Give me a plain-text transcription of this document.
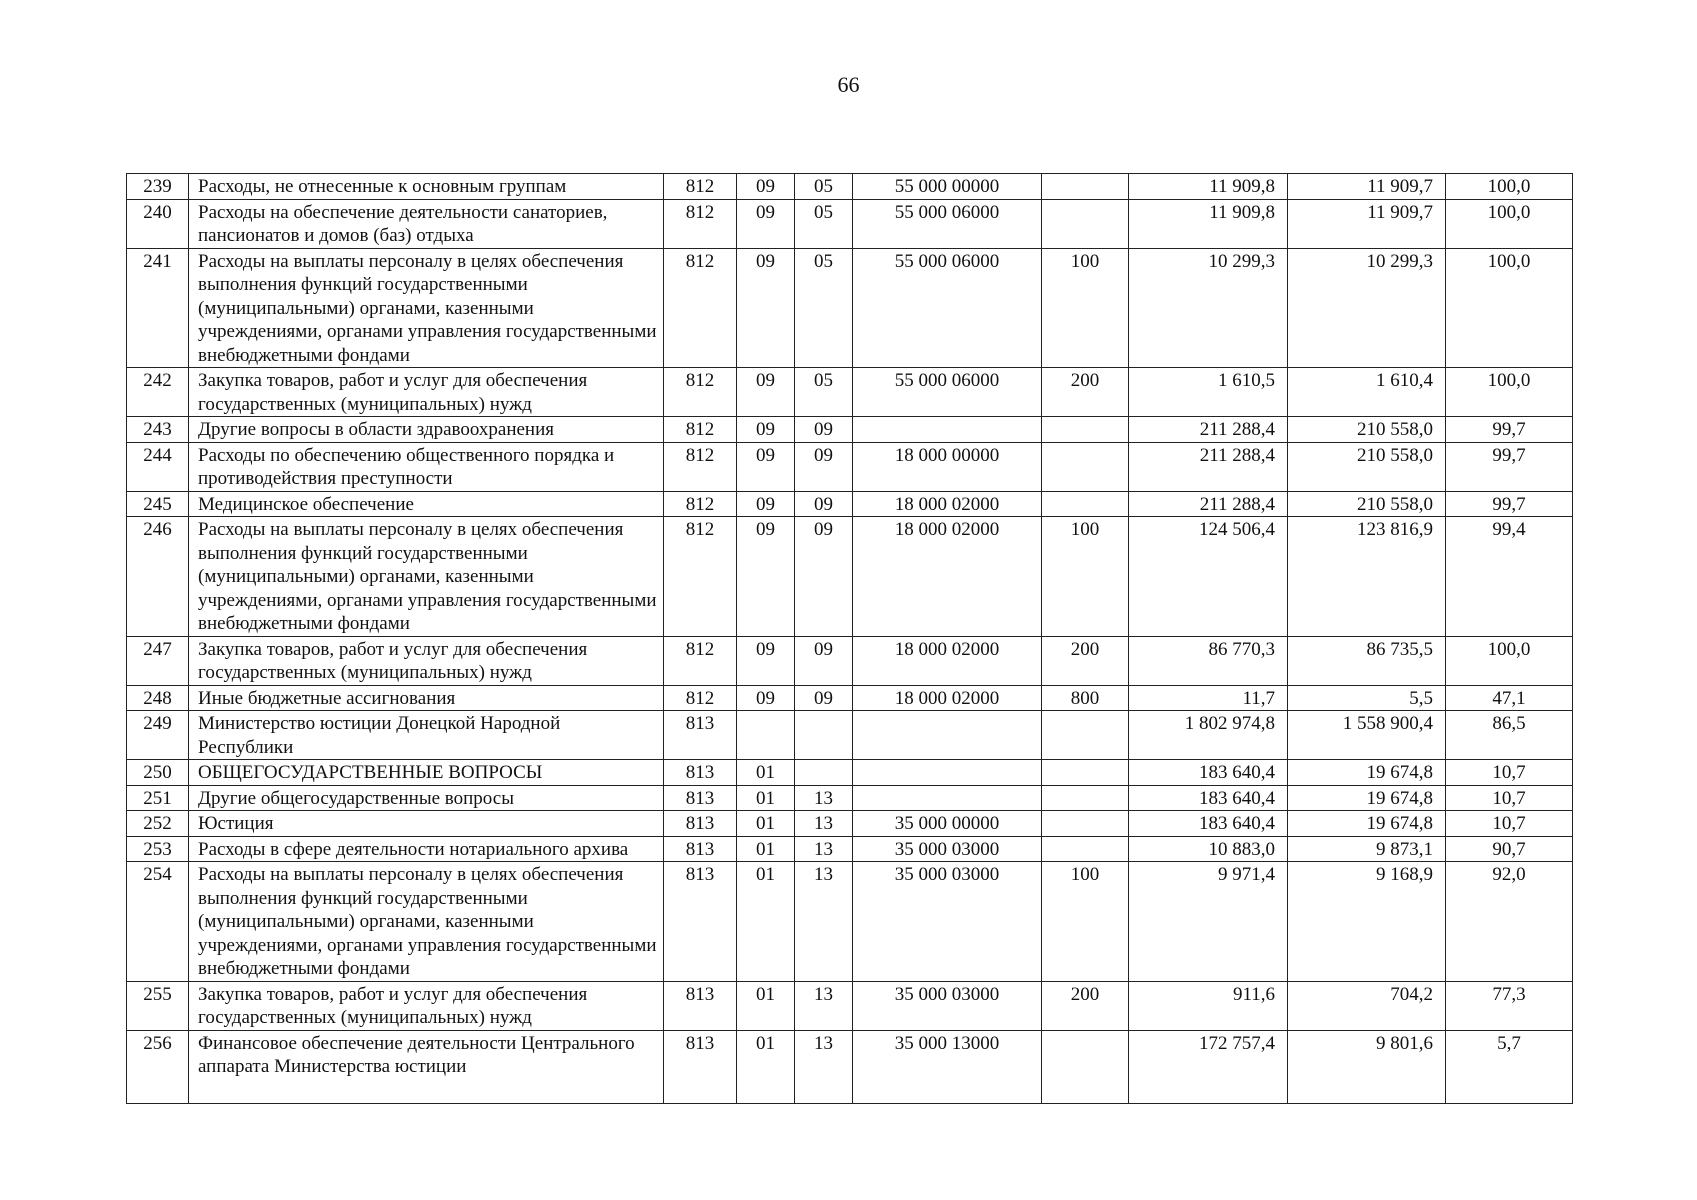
66
239	Расходы, не отнесенные к основным группам	812	09	05	55 000 00000		11 909,8	11 909,7	100,0
240	Расходы на обеспечение деятельности санаториев, пансионатов и домов (баз) отдыха	812	09	05	55 000 06000		11 909,8	11 909,7	100,0
241	Расходы на выплаты персоналу в целях обеспечения выполнения функций государственными (муниципальными) органами, казенными учреждениями, органами управления государственными внебюджетными фондами	812	09	05	55 000 06000	100	10 299,3	10 299,3	100,0
242	Закупка товаров, работ и услуг для обеспечения государственных (муниципальных) нужд	812	09	05	55 000 06000	200	1 610,5	1 610,4	100,0
243	Другие вопросы в области здравоохранения	812	09	09			211 288,4	210 558,0	99,7
244	Расходы по обеспечению общественного порядка и противодействия преступности	812	09	09	18 000 00000		211 288,4	210 558,0	99,7
245	Медицинское обеспечение	812	09	09	18 000 02000		211 288,4	210 558,0	99,7
246	Расходы на выплаты персоналу в целях обеспечения выполнения функций государственными (муниципальными) органами, казенными учреждениями, органами управления государственными внебюджетными фондами	812	09	09	18 000 02000	100	124 506,4	123 816,9	99,4
247	Закупка товаров, работ и услуг для обеспечения государственных (муниципальных) нужд	812	09	09	18 000 02000	200	86 770,3	86 735,5	100,0
248	Иные бюджетные ассигнования	812	09	09	18 000 02000	800	11,7	5,5	47,1
249	Министерство юстиции Донецкой Народной Республики	813					1 802 974,8	1 558 900,4	86,5
250	ОБЩЕГОСУДАРСТВЕННЫЕ ВОПРОСЫ	813	01				183 640,4	19 674,8	10,7
251	Другие общегосударственные вопросы	813	01	13			183 640,4	19 674,8	10,7
252	Юстиция	813	01	13	35 000 00000		183 640,4	19 674,8	10,7
253	Расходы в сфере деятельности нотариального архива	813	01	13	35 000 03000		10 883,0	9 873,1	90,7
254	Расходы на выплаты персоналу в целях обеспечения выполнения функций государственными (муниципальными) органами, казенными учреждениями, органами управления государственными внебюджетными фондами	813	01	13	35 000 03000	100	9 971,4	9 168,9	92,0
255	Закупка товаров, работ и услуг для обеспечения государственных (муниципальных) нужд	813	01	13	35 000 03000	200	911,6	704,2	77,3
256	Финансовое обеспечение деятельности Центрального аппарата Министерства юстиции	813	01	13	35 000 13000		172 757,4	9 801,6	5,7
